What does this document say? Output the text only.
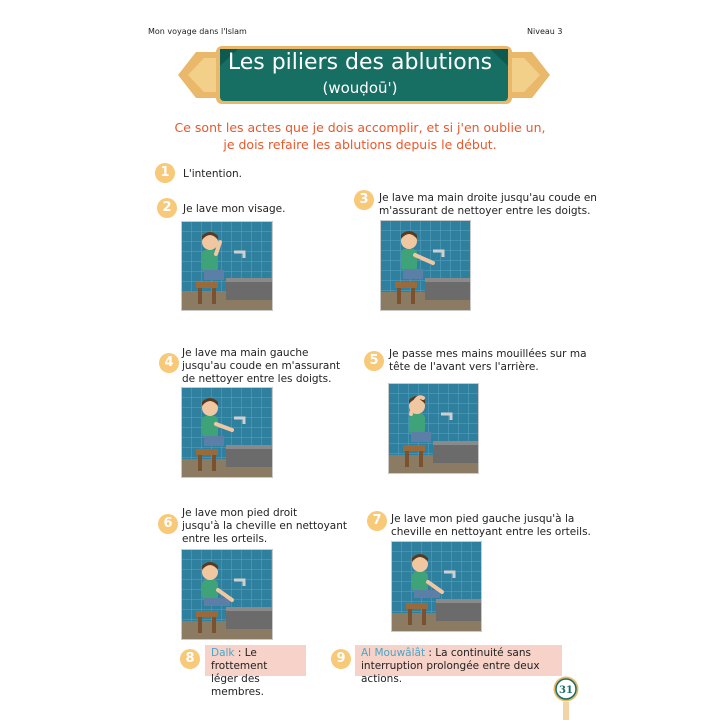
Mon voyage dans l'Islam	Niveau 3
Les piliers des ablutions
(wouḍoū')
Ce sont les actes que je dois accomplir, et si j'en oublie un,
je dois refaire les ablutions depuis le début.
1	L'intention.
2	Je lave mon visage.
3 Je lave ma main droite jusqu'au coude en
m'assurant de nettoyer entre les doigts.
4
Je lave ma main gauche
jusqu'au coude en m'assurant
de nettoyer entre les doigts.
5 Je passe mes mains mouillées sur ma
tête de l'avant vers l'arrière.
6
Je lave mon pied droit
jusqu'à la cheville en nettoyant
entre les orteils.
7 Je lave mon pied gauche jusqu'à la
cheville en nettoyant entre les orteils.
8	Dalk : Le frottement
léger des membres.
9	Al Mouwâlât : La continuité sans
interruption prolongée entre deux actions.
31
